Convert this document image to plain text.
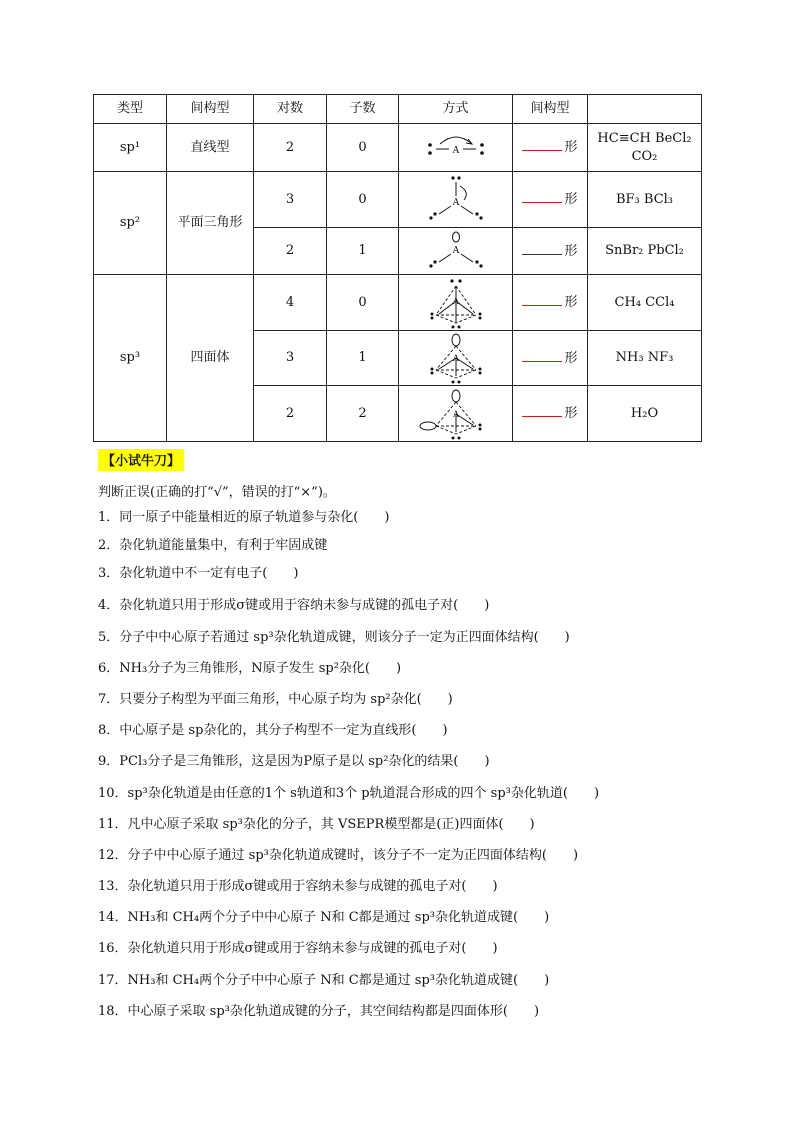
类型	间构型	对数	子数	方式	间构型	
sp¹	直线型	2	0	A	形	HC≡CH BeCl₂ CO₂
sp²	平面三角形	3	0	A	形	BF₃ BCl₃
		2	1	A	形	SnBr₂ PbCl₂
sp³	四面体	4	0	A	形	CH₄ CCl₄
		3	1	A	形	NH₃ NF₃
		2	2	A	形	H₂O
【小试牛刀】
判断正误(正确的打“√”，错误的打“×”)。
1．同一原子中能量相近的原子轨道参与杂化(　　)
2．杂化轨道能量集中，有利于牢固成键
3．杂化轨道中不一定有电子(　　)
4．杂化轨道只用于形成σ键或用于容纳未参与成键的孤电子对(　　)
5．分子中中心原子若通过 sp³杂化轨道成键，则该分子一定为正四面体结构(　　)
6．NH₃分子为三角锥形，N原子发生 sp²杂化(　　)
7．只要分子构型为平面三角形，中心原子均为 sp²杂化(　　)
8．中心原子是 sp杂化的，其分子构型不一定为直线形(　　)
9．PCl₃分子是三角锥形，这是因为P原子是以 sp²杂化的结果(　　)
10．sp³杂化轨道是由任意的1个 s轨道和3个 p轨道混合形成的四个 sp³杂化轨道(　　)
11．凡中心原子采取 sp³杂化的分子，其 VSEPR模型都是(正)四面体(　　)
12．分子中中心原子通过 sp³杂化轨道成键时，该分子不一定为正四面体结构(　　)
13．杂化轨道只用于形成σ键或用于容纳未参与成键的孤电子对(　　)
14．NH₃和 CH₄两个分子中中心原子 N和 C都是通过 sp³杂化轨道成键(　　)
16．杂化轨道只用于形成σ键或用于容纳未参与成键的孤电子对(　　)
17．NH₃和 CH₄两个分子中中心原子 N和 C都是通过 sp³杂化轨道成键(　　)
18．中心原子采取 sp³杂化轨道成键的分子，其空间结构都是四面体形(　　)
